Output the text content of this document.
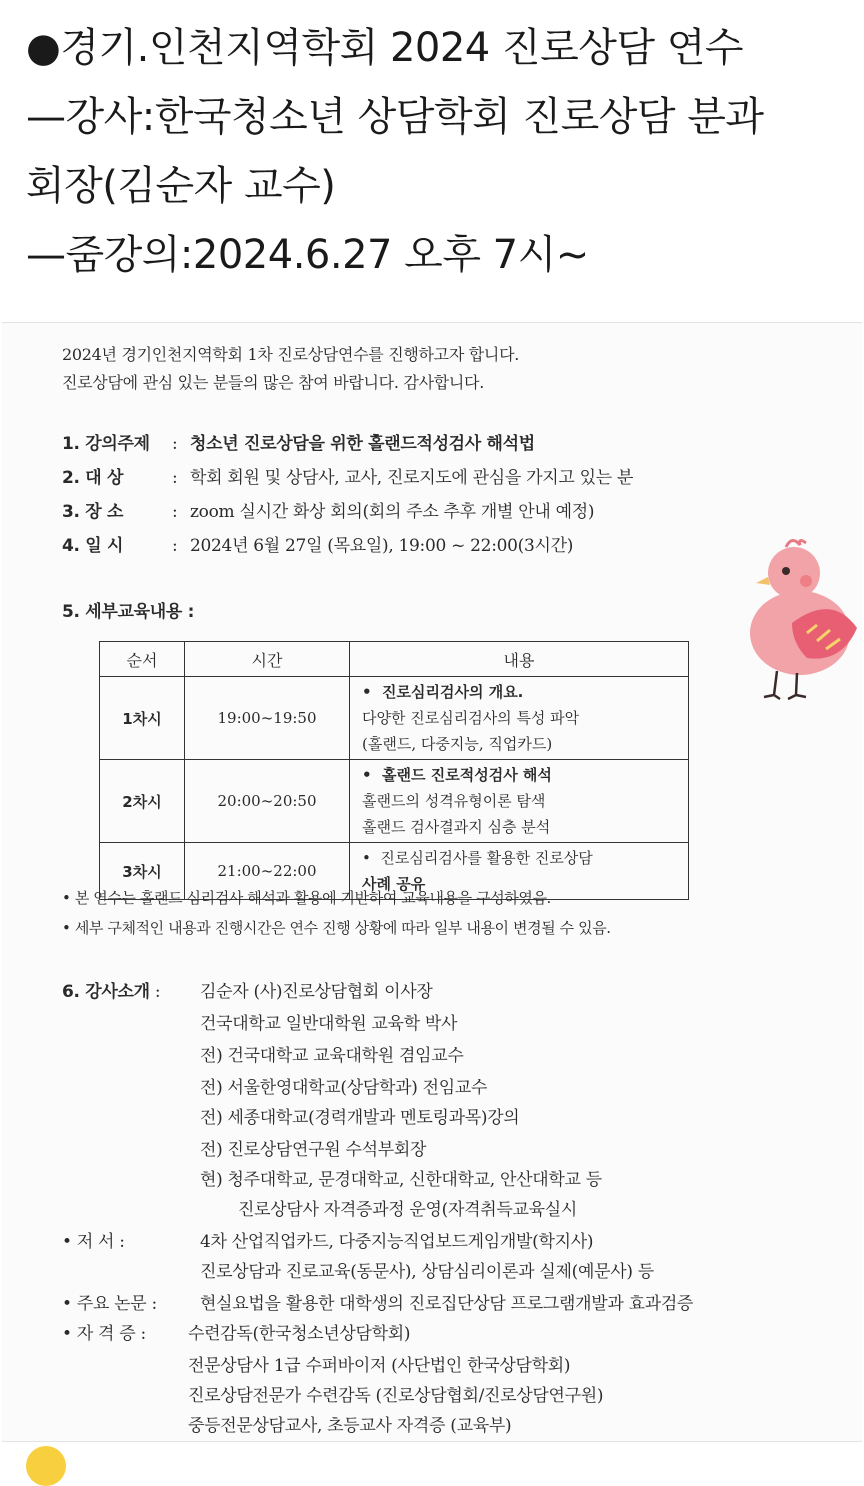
●경기.인천지역학회 2024 진로상담 연수
—강사:한국청소년 상담학회 진로상담 분과
회장(김순자 교수)
—줌강의:2024.6.27 오후 7시~
2024년 경기인천지역학회 1차 진로상담연수를 진행하고자 합니다.
진로상담에 관심 있는 분들의 많은 참여 바랍니다. 감사합니다.
1. 강의주제 : 청소년 진로상담을 위한 홀랜드적성검사 해석법
2. 대 상	: 학회 회원 및 상담사, 교사, 진로지도에 관심을 가지고 있는 분
3. 장 소	: zoom 실시간 화상 회의(회의 주소 추후 개별 안내 예정)
4. 일 시	: 2024년 6월 27일 (목요일), 19:00 ~ 22:00(3시간)
5. 세부교육내용 :
순서	시간	내용
1차시	19:00~19:50	•  진로심리검사의 개요.
다양한 진로심리검사의 특성 파악
(홀랜드, 다중지능, 직업카드)

2차시	20:00~20:50	•  홀랜드 진로적성검사 해석
홀랜드의 성격유형이론 탐색
홀랜드 검사결과지 심층 분석

3차시	21:00~22:00	•  진로심리검사를 활용한 진로상담
사례 공유
• 본 연수는 홀랜드 심리검사 해석과 활용에 기반하여 교육내용을 구성하였음.
• 세부 구체적인 내용과 진행시간은 연수 진행 상황에 따라 일부 내용이 변경될 수 있음.
6. 강사소개 : 김순자 (사)진로상담협회 이사장
건국대학교 일반대학원 교육학 박사
전) 건국대학교 교육대학원 겸임교수
전) 서울한영대학교(상담학과) 전임교수
전) 세종대학교(경력개발과 멘토링과목)강의
전) 진로상담연구원 수석부회장
현) 청주대학교, 문경대학교, 신한대학교, 안산대학교 등
진로상담사 자격증과정 운영(자격취득교육실시
• 저 서 :	4차 산업직업카드, 다중지능직업보드게임개발(학지사)
진로상담과 진로교육(동문사), 상담심리이론과 실제(예문사) 등
• 주요 논문 :	현실요법을 활용한 대학생의 진로집단상담 프로그램개발과 효과검증
• 자 격 증 : 수련감독(한국청소년상담학회)
전문상담사 1급 수퍼바이저 (사단법인 한국상담학회)
진로상담전문가 수련감독 (진로상담협회/진로상담연구원)
중등전문상담교사, 초등교사 자격증 (교육부)
